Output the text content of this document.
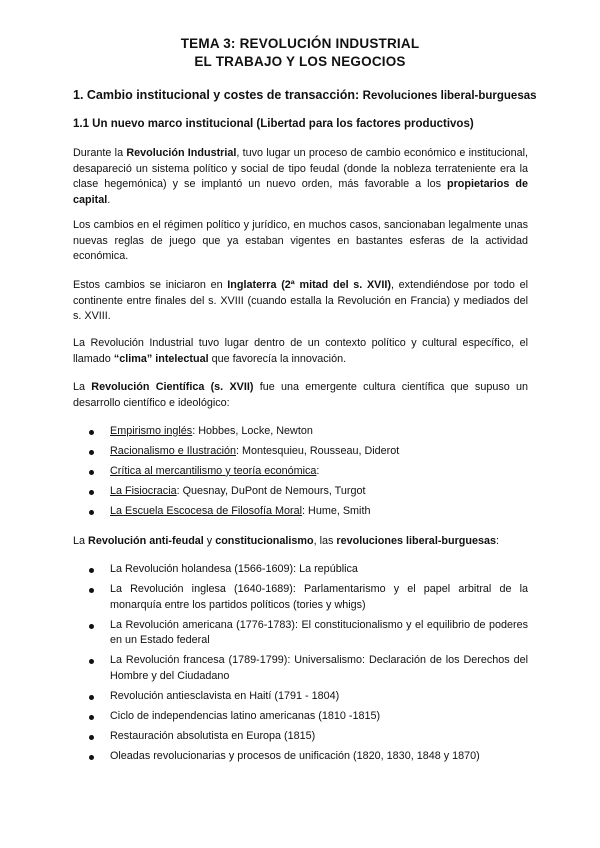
TEMA 3: REVOLUCIÓN INDUSTRIAL
EL TRABAJO Y LOS NEGOCIOS
1. Cambio institucional y costes de transacción: Revoluciones liberal-burguesas
1.1 Un nuevo marco institucional (Libertad para los factores productivos)
Durante la Revolución Industrial, tuvo lugar un proceso de cambio económico e institucional, desapareció un sistema político y social de tipo feudal (donde la nobleza terrateniente era la clase hegemónica) y se implantó un nuevo orden, más favorable a los propietarios de capital.
Los cambios en el régimen político y jurídico, en muchos casos, sancionaban legalmente unas nuevas reglas de juego que ya estaban vigentes en bastantes esferas de la actividad económica.
Estos cambios se iniciaron en Inglaterra (2ª mitad del s. XVII), extendiéndose por todo el continente entre finales del s. XVIII (cuando estalla la Revolución en Francia) y mediados del s. XVIII.
La Revolución Industrial tuvo lugar dentro de un contexto político y cultural específico, el llamado “clima” intelectual que favorecía la innovación.
La Revolución Científica (s. XVII) fue una emergente cultura científica que supuso un desarrollo científico e ideológico:
Empirismo inglés: Hobbes, Locke, Newton
Racionalismo e Ilustración: Montesquieu, Rousseau, Diderot
Crítica al mercantilismo y teoría económica:
La Fisiocracia: Quesnay, DuPont de Nemours, Turgot
La Escuela Escocesa de Filosofía Moral: Hume, Smith
La Revolución anti-feudal y constitucionalismo, las revoluciones liberal-burguesas:
La Revolución holandesa (1566-1609): La república
La Revolución inglesa (1640-1689): Parlamentarismo y el papel arbitral de la monarquía entre los partidos políticos (tories y whigs)
La Revolución americana (1776-1783): El constitucionalismo y el equilibrio de poderes en un Estado federal
La Revolución francesa (1789-1799): Universalismo: Declaración de los Derechos del Hombre y del Ciudadano
Revolución antiesclavista en Haití (1791 - 1804)
Ciclo de independencias latino americanas (1810 -1815)
Restauración absolutista en Europa (1815)
Oleadas revolucionarias y procesos de unificación (1820, 1830, 1848 y 1870)
